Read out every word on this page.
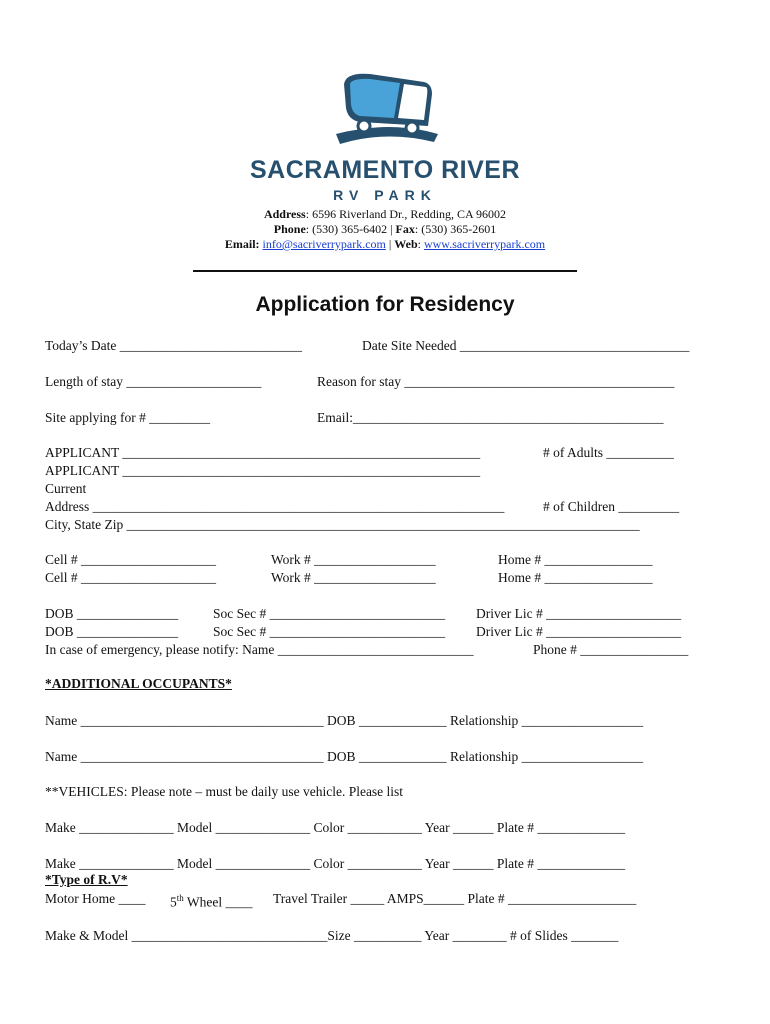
SACRAMENTO RIVER
RV PARK
Address: 6596 Riverland Dr., Redding, CA 96002
Phone: (530) 365-6402 | Fax: (530) 365-2601
Email: info@sacriverrypark.com | Web: www.sacriverrypark.com
Application for Residency
Today’s Date ___________________________	Date Site Needed __________________________________
Length of stay ____________________	Reason for stay ________________________________________
Site applying for # _________	Email:______________________________________________
APPLICANT _____________________________________________________	# of Adults __________
APPLICANT _____________________________________________________
Current
Address _____________________________________________________________	# of Children _________
City, State Zip ____________________________________________________________________________
Cell # ____________________	Work # __________________	Home # ________________
Cell # ____________________	Work # __________________	Home # ________________
DOB _______________	Soc Sec # __________________________ Driver Lic # ____________________
DOB _______________	Soc Sec # __________________________ Driver Lic # ____________________
In case of emergency, please notify: Name _____________________________	Phone # ________________
*ADDITIONAL OCCUPANTS*
Name ____________________________________ DOB _____________ Relationship __________________
Name ____________________________________ DOB _____________ Relationship __________________
**VEHICLES: Please note – must be daily use vehicle. Please list
Make ______________ Model ______________ Color ___________ Year ______ Plate # _____________
Make ______________ Model ______________ Color ___________ Year ______ Plate # _____________
*Type of R.V*
Motor Home ____ 5th Wheel ____ Travel Trailer _____ AMPS______ Plate # ___________________
Make & Model _____________________________Size __________ Year ________ # of Slides _______
